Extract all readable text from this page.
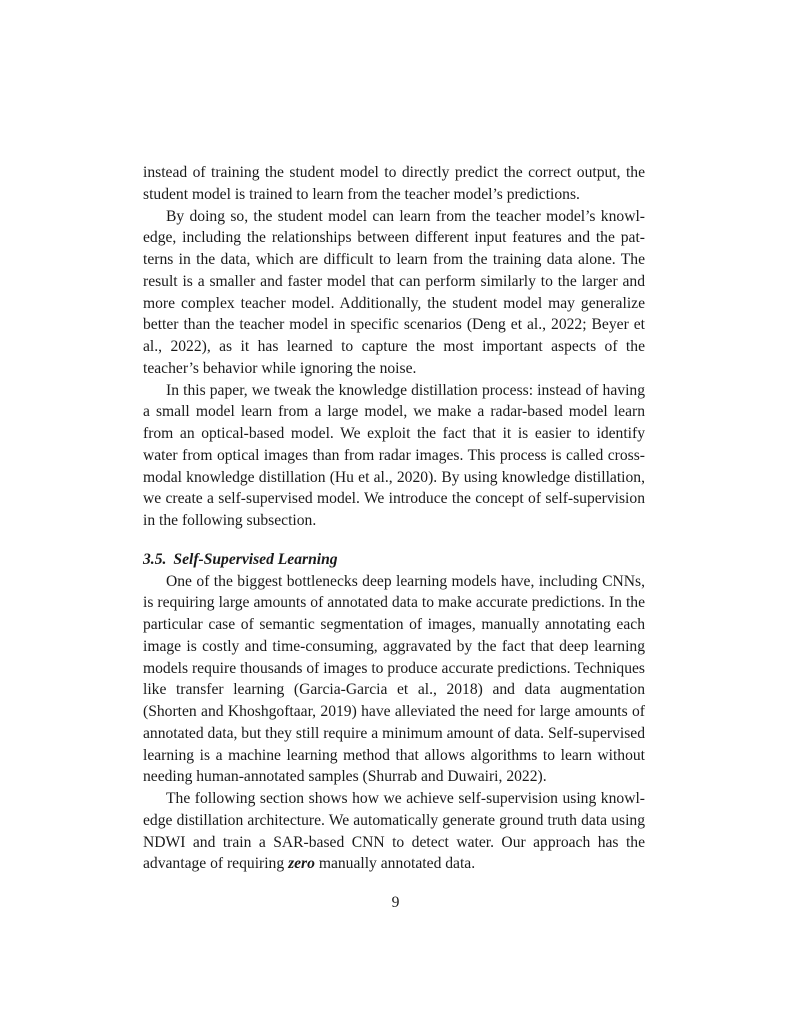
instead of training the student model to directly predict the correct output, the student model is trained to learn from the teacher model’s predictions.

By doing so, the student model can learn from the teacher model’s knowledge, including the relationships between different input features and the patterns in the data, which are difficult to learn from the training data alone. The result is a smaller and faster model that can perform similarly to the larger and more complex teacher model. Additionally, the student model may generalize better than the teacher model in specific scenarios (Deng et al., 2022; Beyer et al., 2022), as it has learned to capture the most important aspects of the teacher’s behavior while ignoring the noise.

In this paper, we tweak the knowledge distillation process: instead of having a small model learn from a large model, we make a radar-based model learn from an optical-based model. We exploit the fact that it is easier to identify water from optical images than from radar images. This process is called cross-modal knowledge distillation (Hu et al., 2020). By using knowledge distillation, we create a self-supervised model. We introduce the concept of self-supervision in the following subsection.

3.5. Self-Supervised Learning

One of the biggest bottlenecks deep learning models have, including CNNs, is requiring large amounts of annotated data to make accurate predictions. In the particular case of semantic segmentation of images, manually annotating each image is costly and time-consuming, aggravated by the fact that deep learning models require thousands of images to produce accurate predictions. Techniques like transfer learning (Garcia-Garcia et al., 2018) and data augmentation (Shorten and Khoshgoftaar, 2019) have alleviated the need for large amounts of annotated data, but they still require a minimum amount of data. Self-supervised learning is a machine learning method that allows algorithms to learn without needing human-annotated samples (Shurrab and Duwairi, 2022).

The following section shows how we achieve self-supervision using knowledge distillation architecture. We automatically generate ground truth data using NDWI and train a SAR-based CNN to detect water. Our approach has the advantage of requiring zero manually annotated data.

9
